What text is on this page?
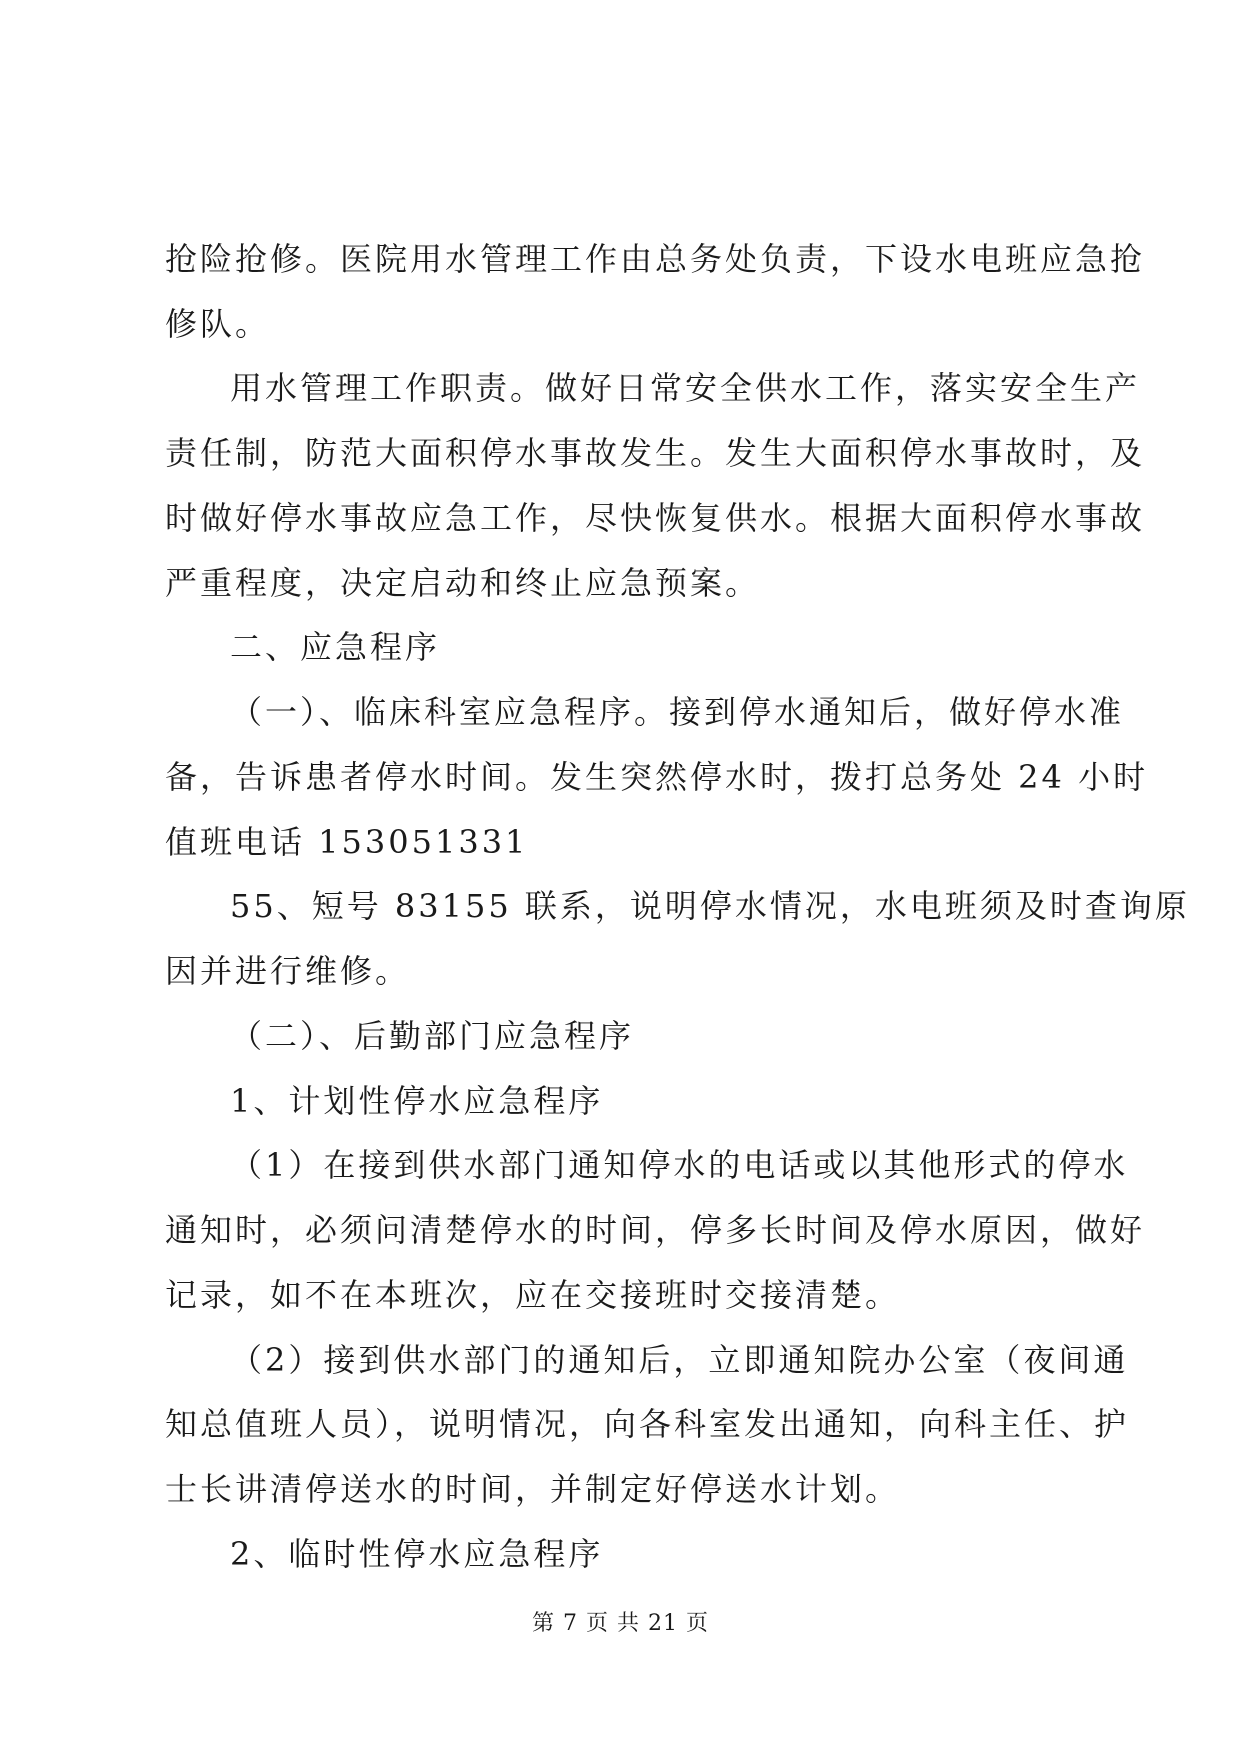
抢险抢修。医院用水管理工作由总务处负责，下设水电班应急抢
修队。
用水管理工作职责。做好日常安全供水工作，落实安全生产
责任制，防范大面积停水事故发生。发生大面积停水事故时，及
时做好停水事故应急工作，尽快恢复供水。根据大面积停水事故
严重程度，决定启动和终止应急预案。
二、应急程序
（一）、临床科室应急程序。接到停水通知后，做好停水准
备，告诉患者停水时间。发生突然停水时，拨打总务处 24 小时
值班电话 153051331
55、短号 83155 联系，说明停水情况，水电班须及时查询原
因并进行维修。
（二）、后勤部门应急程序
1、计划性停水应急程序
（1）在接到供水部门通知停水的电话或以其他形式的停水
通知时，必须问清楚停水的时间，停多长时间及停水原因，做好
记录，如不在本班次，应在交接班时交接清楚。
（2）接到供水部门的通知后，立即通知院办公室（夜间通
知总值班人员），说明情况，向各科室发出通知，向科主任、护
士长讲清停送水的时间，并制定好停送水计划。
2、临时性停水应急程序
第 7 页 共 21 页
